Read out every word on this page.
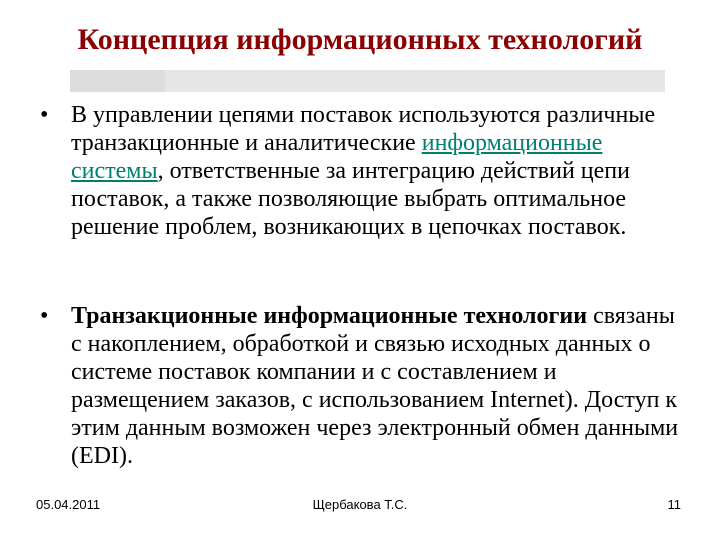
Концепция информационных технологий
• В управлении цепями поставок используются различные транзакционные и аналитические информационные системы, ответственные за интеграцию действий цепи поставок, а также позволяющие выбрать оптимальное решение проблем, возникающих в цепочках поставок.
• Транзакционные информационные технологии связаны с накоплением, обработкой и связью исходных данных о системе поставок компании и с составлением и размещением заказов, с использованием Internet). Доступ к этим данным возможен через электронный обмен данными (EDI).
05.04.2011	Щербакова Т.С.	11
